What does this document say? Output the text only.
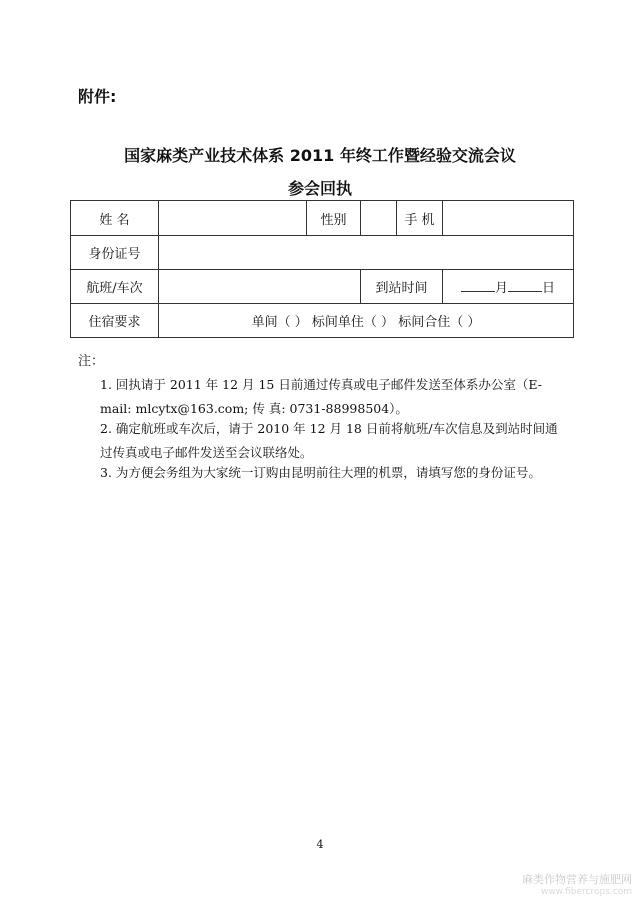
附件:
国家麻类产业技术体系 2011 年终工作暨经验交流会议
参会回执
姓 名		性别		手 机	
身份证号					
航班/车次			到站时间		月 日
住宿要求	单间（ ） 标间单住（ ） 标间合住（ ）				
注：
1. 回执请于 2011 年 12 月 15 日前通过传真或电子邮件发送至体系办公室（E-mail: mlcytx@163.com; 传 真: 0731-88998504）。
2. 确定航班或车次后，请于 2010 年 12 月 18 日前将航班/车次信息及到站时间通过传真或电子邮件发送至会议联络处。
3. 为方便会务组为大家统一订购由昆明前往大理的机票，请填写您的身份证号。
4
麻类作物营养与施肥网
www.fibercrops.com
